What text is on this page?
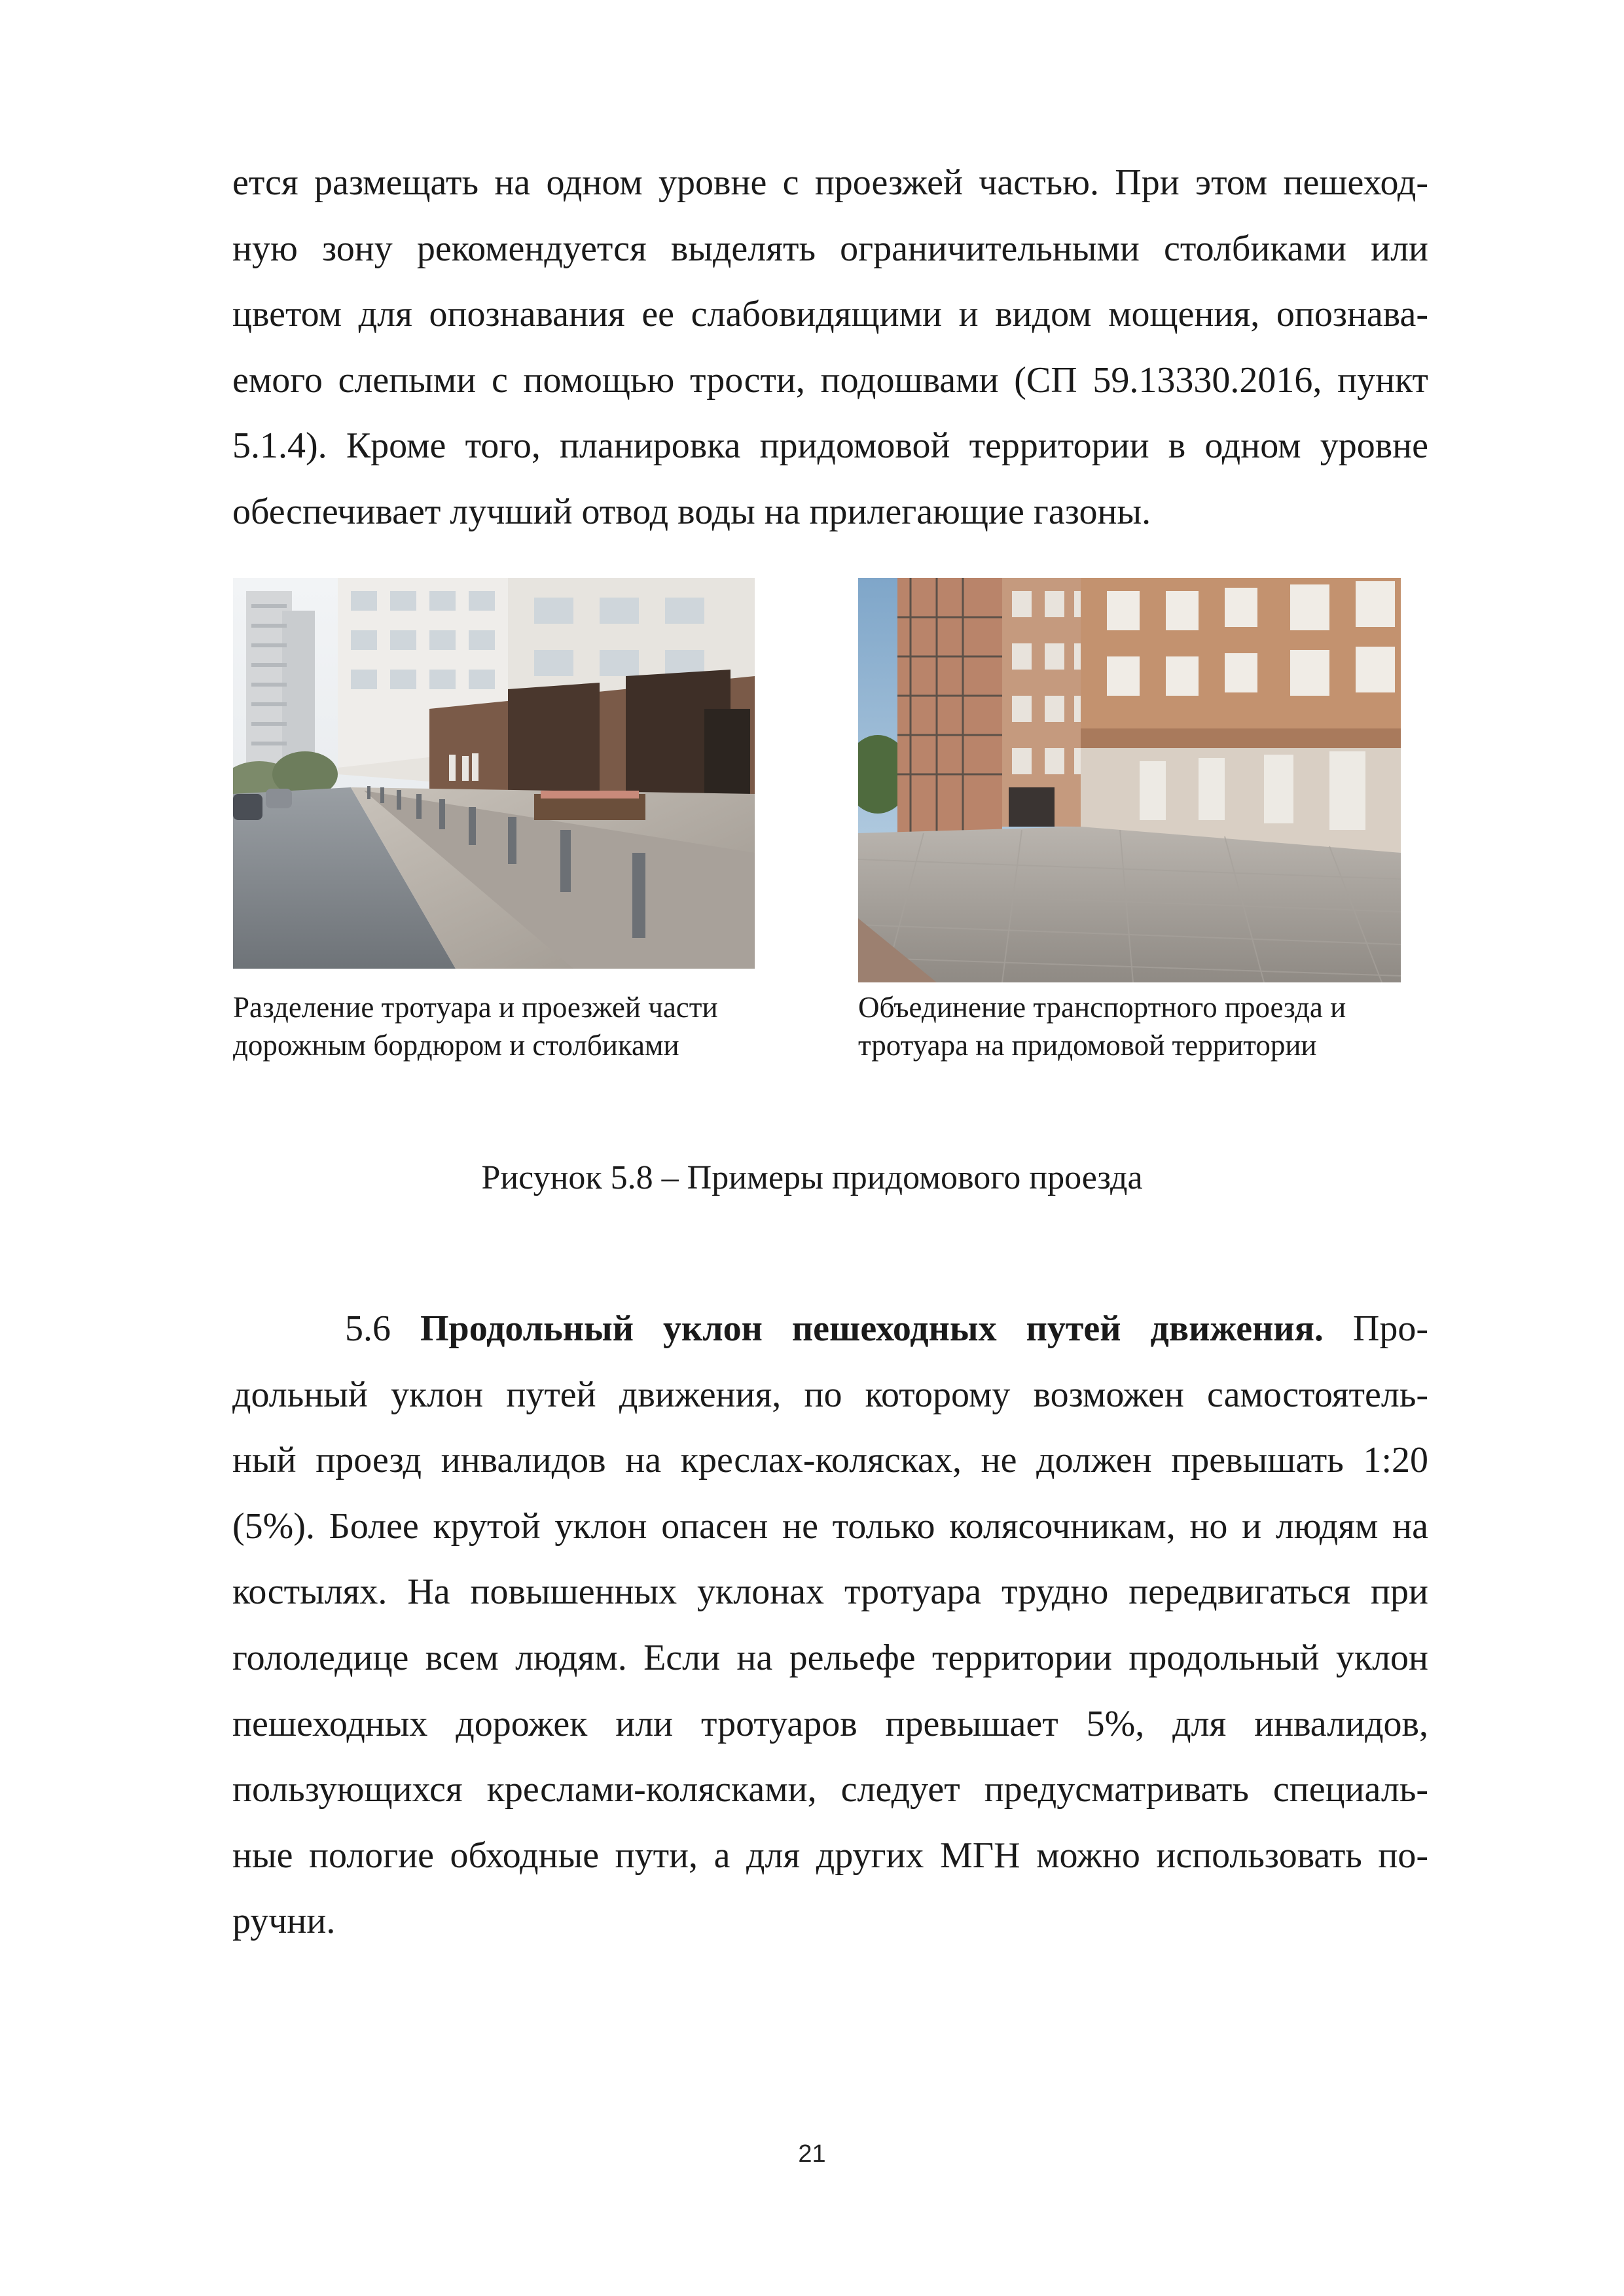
ется размещать на одном уровне с проезжей частью. При этом пешеход-
ную зону рекомендуется выделять ограничительными столбиками или
цветом для опознавания ее слабовидящими и видом мощения, опознава-
емого слепыми с помощью трости, подошвами (СП 59.13330.2016, пункт
5.1.4). Кроме того, планировка придомовой территории в одном уровне
обеспечивает лучший отвод воды на прилегающие газоны.
Разделение тротуара и проезжей части
дорожным бордюром и столбиками
Объединение транспортного проезда и
тротуара на придомовой территории
Рисунок 5.8 – Примеры придомового проезда
5.6 Продольный уклон пешеходных путей движения. Про-
дольный уклон путей движения, по которому возможен самостоятель-
ный проезд инвалидов на креслах-колясках, не должен превышать 1:20
(5%). Более крутой уклон опасен не только колясочникам, но и людям на
костылях. На повышенных уклонах тротуара трудно передвигаться при
гололедице всем людям. Если на рельефе территории продольный уклон
пешеходных дорожек или тротуаров превышает 5%, для инвалидов,
пользующихся креслами-колясками, следует предусматривать специаль-
ные пологие обходные пути, а для других МГН можно использовать по-
ручни.
21
